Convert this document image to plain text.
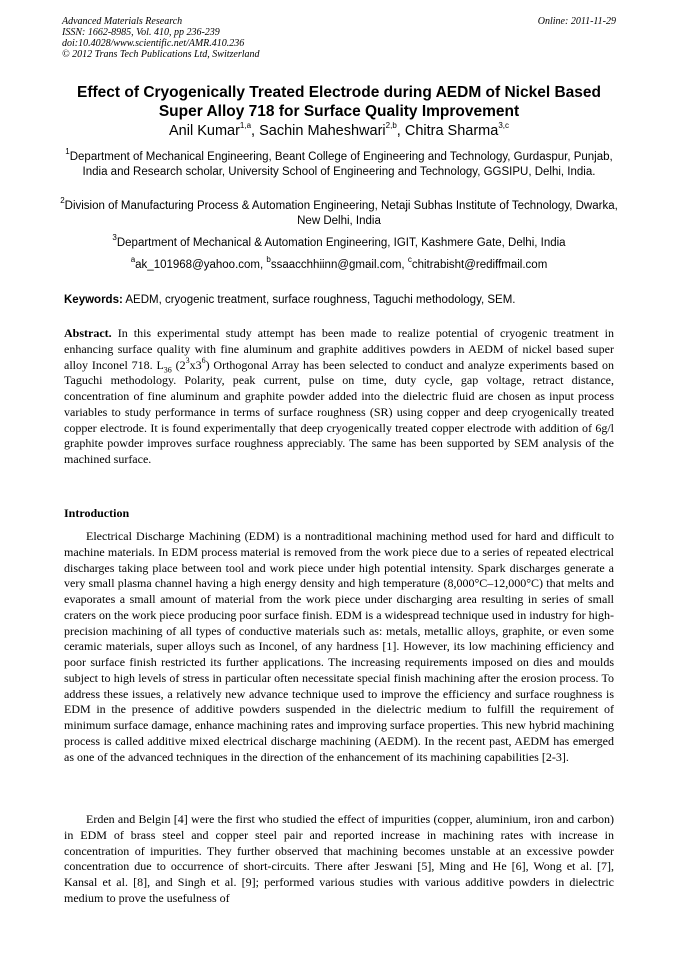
Advanced Materials Research
ISSN: 1662-8985, Vol. 410, pp 236-239
doi:10.4028/www.scientific.net/AMR.410.236
© 2012 Trans Tech Publications Ltd, Switzerland
Online: 2011-11-29
Effect of Cryogenically Treated Electrode during AEDM of Nickel Based Super Alloy 718 for Surface Quality Improvement
Anil Kumar$^{1,a}$, Sachin Maheshwari$^{2,b}$, Chitra Sharma$^{3,c}$
$^1$Department of Mechanical Engineering, Beant College of Engineering and Technology, Gurdaspur, Punjab, India and Research scholar, University School of Engineering and Technology, GGSIPU, Delhi, India.
$^2$Division of Manufacturing Process & Automation Engineering, Netaji Subhas Institute of Technology, Dwarka, New Delhi, India
$^3$Department of Mechanical & Automation Engineering, IGIT, Kashmere Gate, Delhi, India
$^a$ak_101968@yahoo.com, $^b$ssaacchhiinn@gmail.com, $^c$chitrabisht@rediffmail.com
Keywords: AEDM, cryogenic treatment, surface roughness, Taguchi methodology, SEM.
Abstract. In this experimental study attempt has been made to realize potential of cryogenic treatment in enhancing surface quality with fine aluminum and graphite additives powders in AEDM of nickel based super alloy Inconel 718. $L_{36}$ $(2^3x3^6)$ Orthogonal Array has been selected to conduct and analyze experiments based on Taguchi methodology. Polarity, peak current, pulse on time, duty cycle, gap voltage, retract distance, concentration of fine aluminum and graphite powder added into the dielectric fluid are chosen as input process variables to study performance in terms of surface roughness (SR) using copper and deep cryogenically treated copper electrode. It is found experimentally that deep cryogenically treated copper electrode with addition of 6g/l graphite powder improves surface roughness appreciably. The same has been supported by SEM analysis of the machined surface.
Introduction
Electrical Discharge Machining (EDM) is a nontraditional machining method used for hard and difficult to machine materials. In EDM process material is removed from the work piece due to a series of repeated electrical discharges taking place between tool and work piece under high potential intensity. Spark discharges generate a very small plasma channel having a high energy density and high temperature (8,000°C–12,000°C) that melts and evaporates a small amount of material from the work piece under discharging area resulting in series of small craters on the work piece producing poor surface finish. EDM is a widespread technique used in industry for high-precision machining of all types of conductive materials such as: metals, metallic alloys, graphite, or even some ceramic materials, super alloys such as Inconel, of any hardness [1]. However, its low machining efficiency and poor surface finish restricted its further applications. The increasing requirements imposed on dies and moulds subject to high levels of stress in particular often necessitate special finish machining after the erosion process. To address these issues, a relatively new advance technique used to improve the efficiency and surface roughness is EDM in the presence of additive powders suspended in the dielectric medium to fulfill the requirement of minimum surface damage, enhance machining rates and improving surface properties. This new hybrid machining process is called additive mixed electrical discharge machining (AEDM). In the recent past, AEDM has emerged as one of the advanced techniques in the direction of the enhancement of its machining capabilities [2-3].
Erden and Belgin [4] were the first who studied the effect of impurities (copper, aluminium, iron and carbon) in EDM of brass steel and copper steel pair and reported increase in machining rates with increase in concentration of impurities. They further observed that machining becomes unstable at an excessive powder concentration due to occurrence of short-circuits. There after Jeswani [5], Ming and He [6], Wong et al. [7], Kansal et al. [8], and Singh et al. [9]; performed various studies with various additive powders in dielectric medium to prove the usefulness of
